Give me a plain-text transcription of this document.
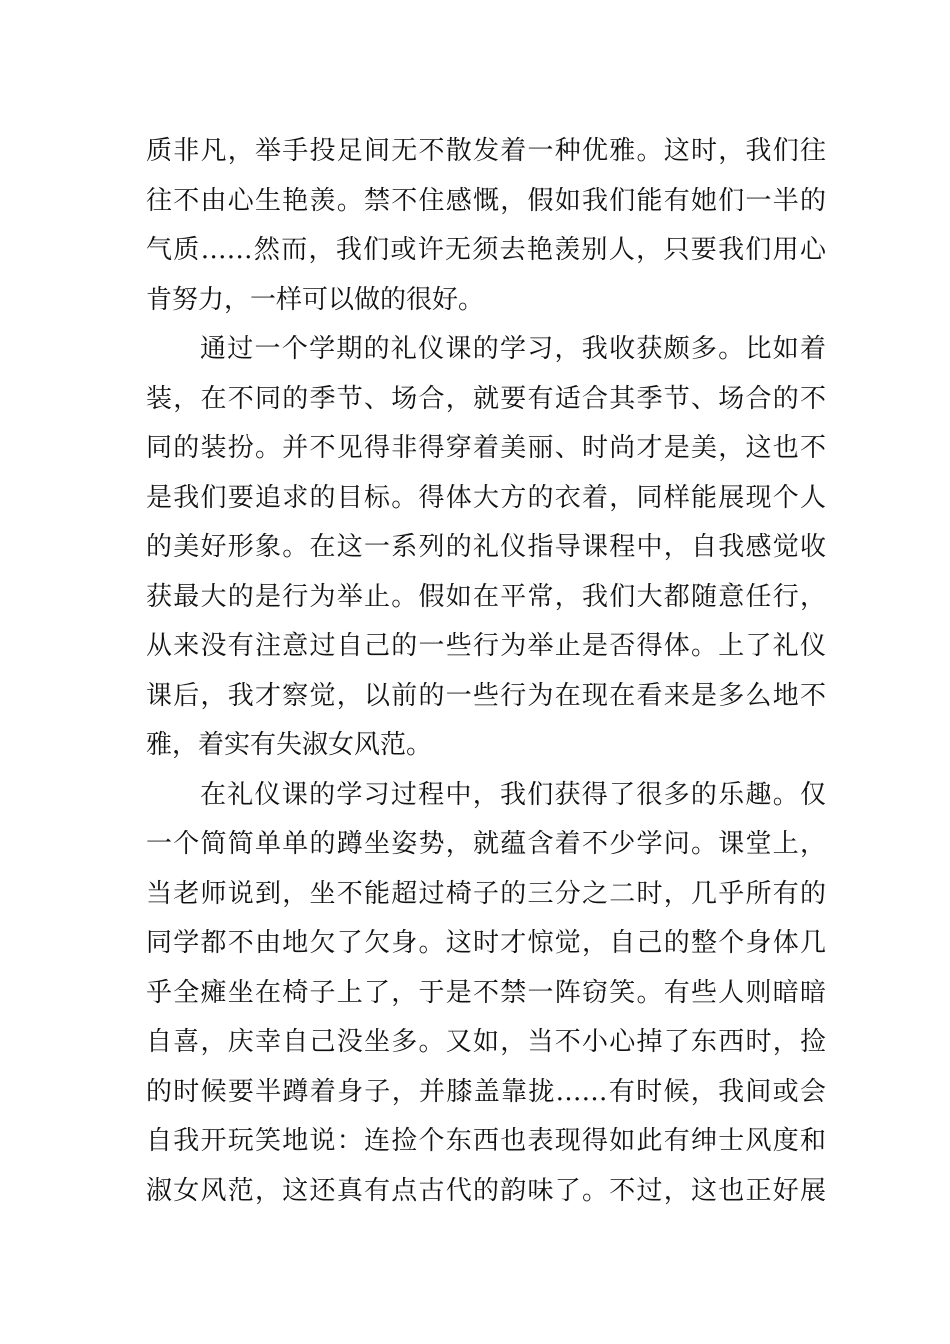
质非凡，举手投足间无不散发着一种优雅。这时，我们往
往不由心生艳羡。禁不住感慨，假如我们能有她们一半的
气质……然而，我们或许无须去艳羡别人，只要我们用心
肯努力，一样可以做的很好。
通过一个学期的礼仪课的学习，我收获颇多。比如着
装，在不同的季节、场合，就要有适合其季节、场合的不
同的装扮。并不见得非得穿着美丽、时尚才是美，这也不
是我们要追求的目标。得体大方的衣着，同样能展现个人
的美好形象。在这一系列的礼仪指导课程中，自我感觉收
获最大的是行为举止。假如在平常，我们大都随意任行，
从来没有注意过自己的一些行为举止是否得体。上了礼仪
课后，我才察觉，以前的一些行为在现在看来是多么地不
雅，着实有失淑女风范。
在礼仪课的学习过程中，我们获得了很多的乐趣。仅
一个简简单单的蹲坐姿势，就蕴含着不少学问。课堂上，
当老师说到，坐不能超过椅子的三分之二时，几乎所有的
同学都不由地欠了欠身。这时才惊觉，自己的整个身体几
乎全瘫坐在椅子上了，于是不禁一阵窃笑。有些人则暗暗
自喜，庆幸自己没坐多。又如，当不小心掉了东西时，捡
的时候要半蹲着身子，并膝盖靠拢……有时候，我间或会
自我开玩笑地说：连捡个东西也表现得如此有绅士风度和
淑女风范，这还真有点古代的韵味了。不过，这也正好展
